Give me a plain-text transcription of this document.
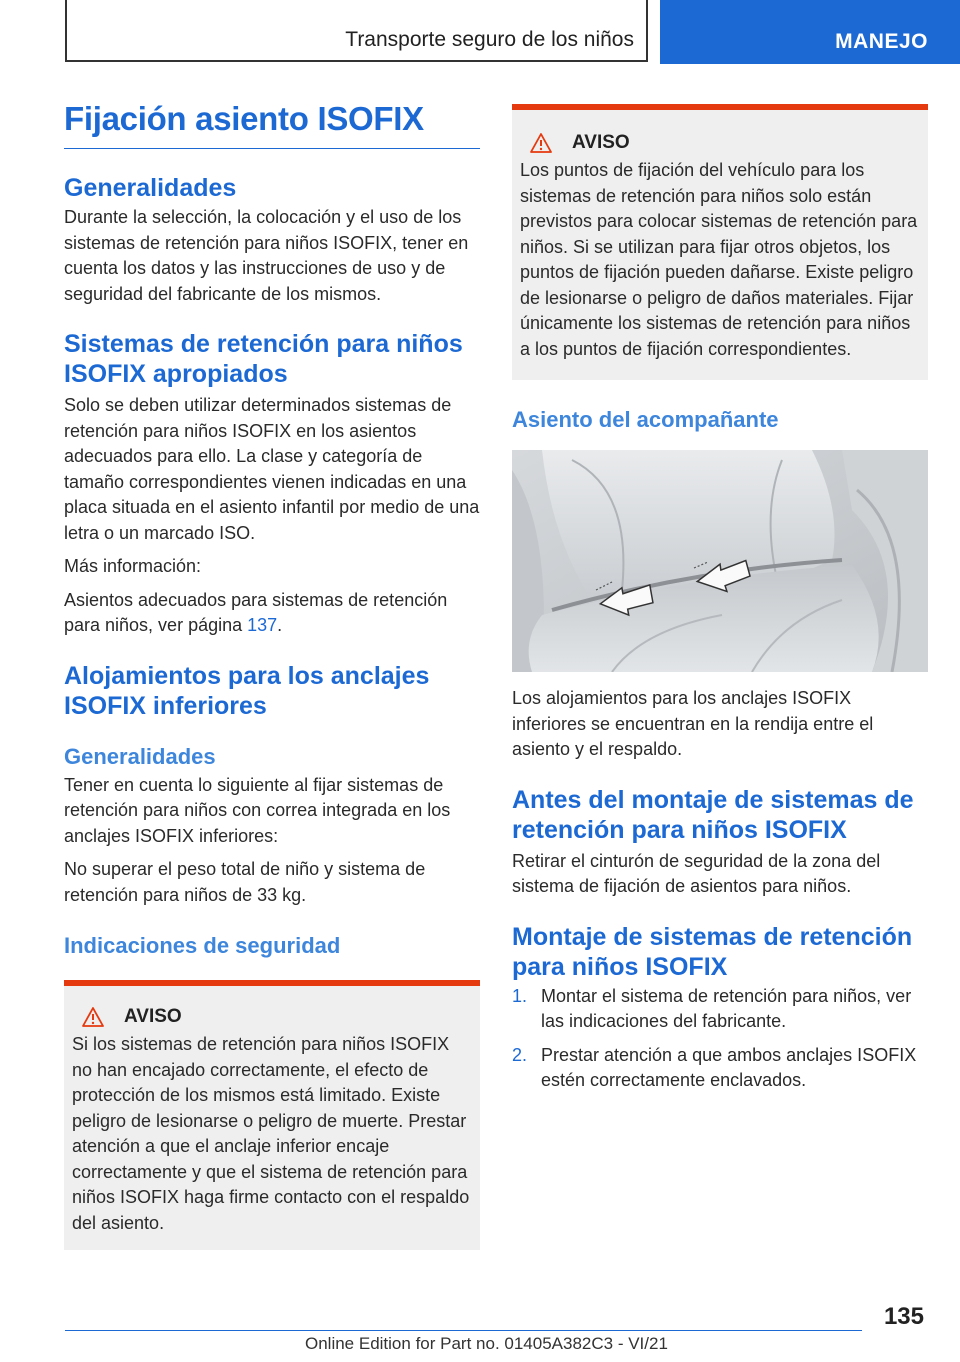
Transporte seguro de los niños	MANEJO
Fijación asiento ISOFIX
Generalidades

Durante la selección, la colocación y el uso de los sistemas de retención para niños ISOFIX, tener en cuenta los datos y las instrucciones de uso y de seguridad del fabricante de los mismos.

Sistemas de retención para niños ISOFIX apropiados

Solo se deben utilizar determinados sistemas de retención para niños ISOFIX en los asientos adecuados para ello. La clase y categoría de tamaño correspondientes vienen indicadas en una placa situada en el asiento infantil por medio de una letra o un marcado ISO.

Más información:

Asientos adecuados para sistemas de retención para niños, ver página 137.

Alojamientos para los anclajes ISOFIX inferiores
Generalidades

Tener en cuenta lo siguiente al fijar sistemas de retención para niños con correa integrada en los anclajes ISOFIX inferiores:

No superar el peso total de niño y sistema de retención para niños de 33 kg.

Indicaciones de seguridad
AVISO

Si los sistemas de retención para niños ISOFIX no han encajado correctamente, el efecto de protección de los mismos está limitado. Existe peligro de lesionarse o peligro de muerte. Prestar atención a que el anclaje inferior encaje correctamente y que el sistema de retención para niños ISOFIX haga firme contacto con el respaldo del asiento.

AVISO

Los puntos de fijación del vehículo para los sistemas de retención para niños solo están previstos para colocar sistemas de retención para niños. Si se utilizan para fijar otros objetos, los puntos de fijación pueden dañarse. Existe peligro de lesionarse o peligro de daños materiales. Fijar únicamente los sistemas de retención para niños a los puntos de fijación correspondientes.

Asiento del acompañante

Los alojamientos para los anclajes ISOFIX inferiores se encuentran en la rendija entre el asiento y el respaldo.

Antes del montaje de sistemas de retención para niños ISOFIX

Retirar el cinturón de seguridad de la zona del sistema de fijación de asientos para niños.

Montaje de sistemas de retención para niños ISOFIX
1. Montar el sistema de retención para niños, ver las indicaciones del fabricante.
2. Prestar atención a que ambos anclajes ISOFIX estén correctamente enclavados.
135
Online Edition for Part no. 01405A382C3 - VI/21
